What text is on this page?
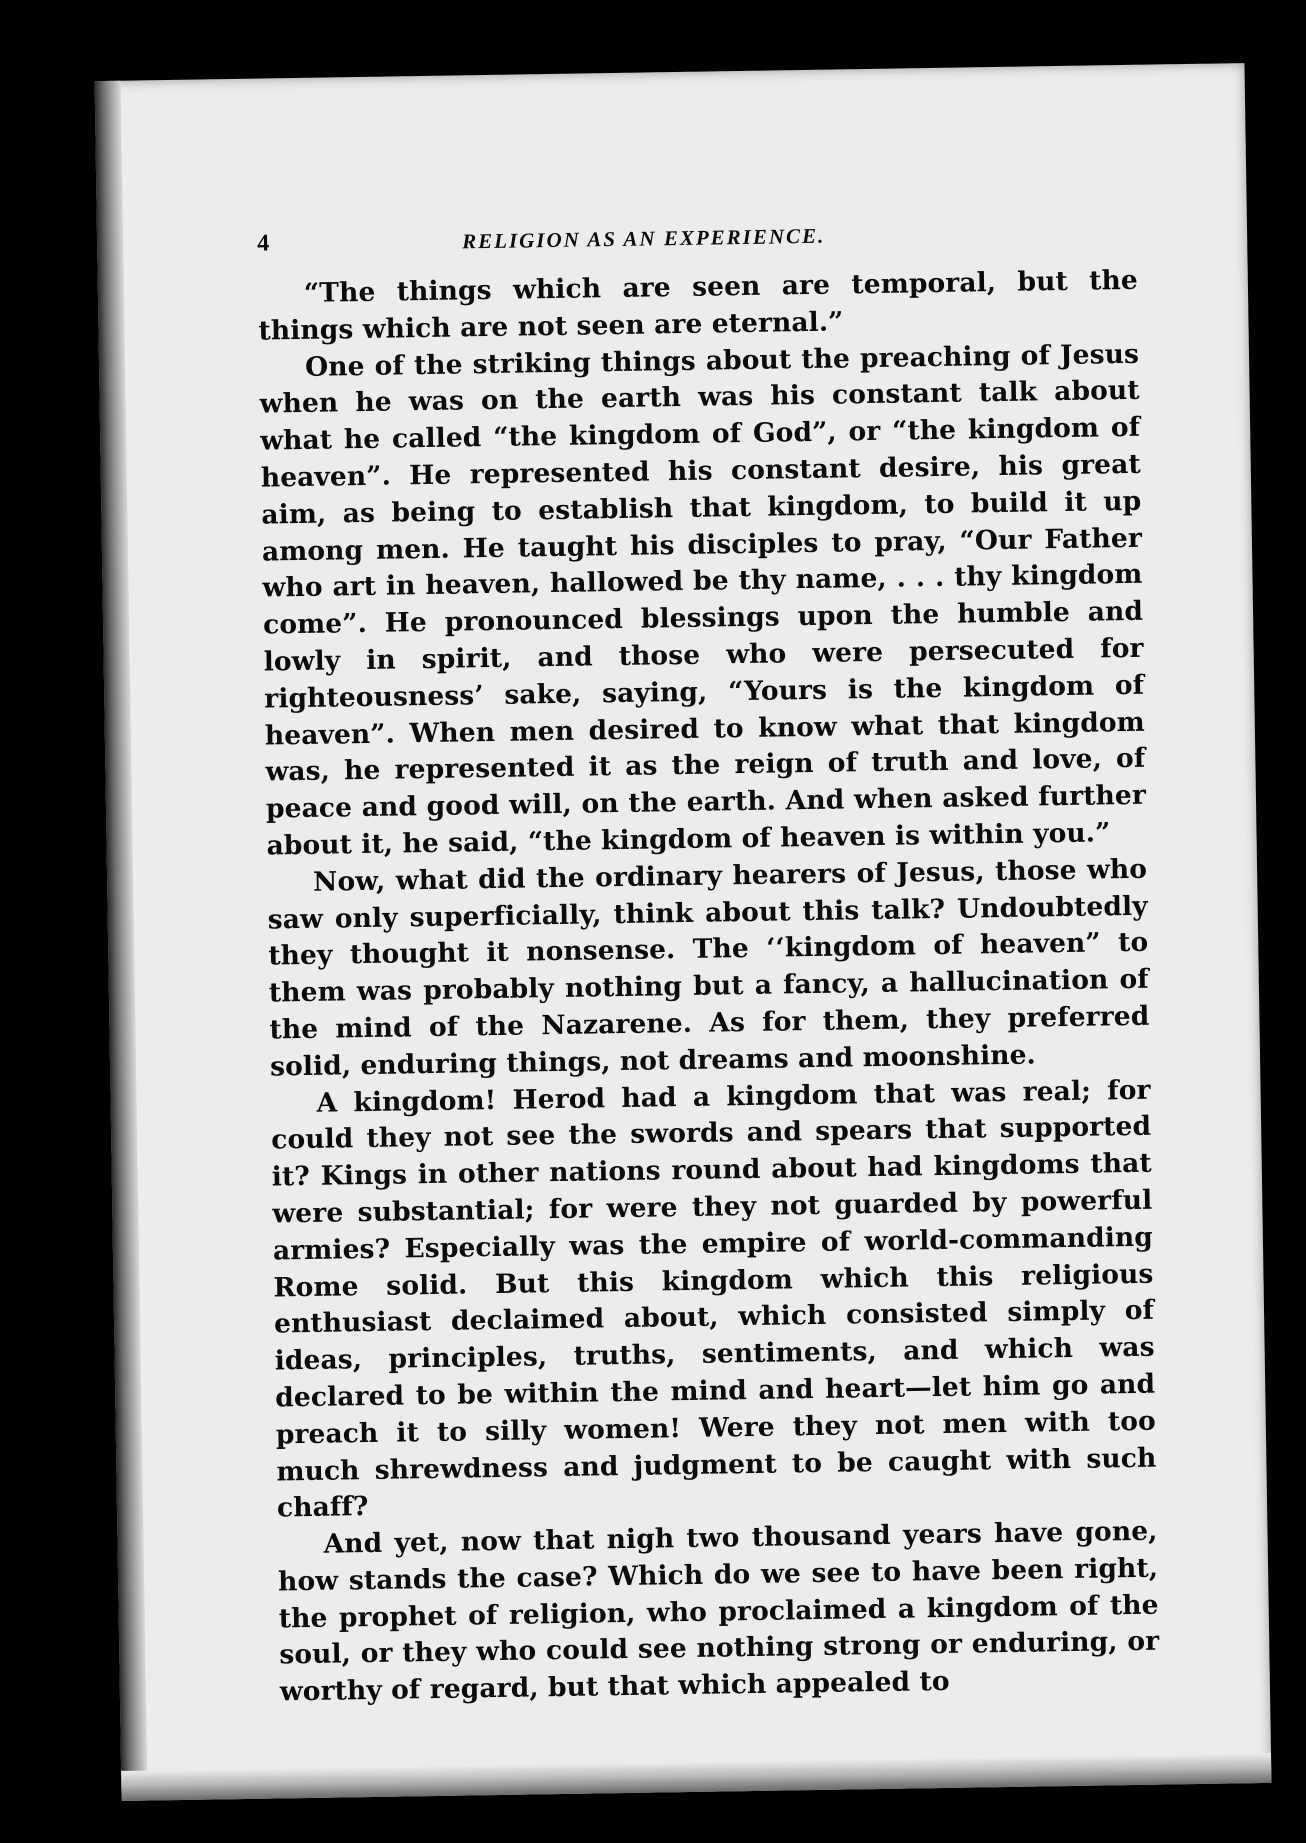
4	RELIGION AS AN EXPERIENCE.

“The things which are seen are temporal, but the things which are not seen are eternal.”

One of the striking things about the preaching of Jesus when he was on the earth was his constant talk about what he called “the kingdom of God”, or “the kingdom of heaven”. He represented his constant desire, his great aim, as being to establish that kingdom, to build it up among men. He taught his disciples to pray, “Our Father who art in heaven, hallowed be thy name, . . . thy kingdom come”. He pronounced blessings upon the humble and lowly in spirit, and those who were persecuted for righteousness’ sake, saying, “Yours is the kingdom of heaven”. When men desired to know what that kingdom was, he represented it as the reign of truth and love, of peace and good will, on the earth. And when asked further about it, he said, “the kingdom of heaven is within you.”

Now, what did the ordinary hearers of Jesus, those who saw only superficially, think about this talk? Undoubtedly they thought it nonsense. The ‘‘kingdom of heaven” to them was probably nothing but a fancy, a hallucination of the mind of the Nazarene. As for them, they preferred solid, enduring things, not dreams and moonshine.

A kingdom! Herod had a kingdom that was real; for could they not see the swords and spears that supported it? Kings in other nations round about had kingdoms that were substantial; for were they not guarded by powerful armies? Especially was the empire of world-commanding Rome solid. But this kingdom which this religious enthusiast declaimed about, which consisted simply of ideas, principles, truths, sentiments, and which was declared to be within the mind and heart—let him go and preach it to silly women! Were they not men with too much shrewdness and judgment to be caught with such chaff?

And yet, now that nigh two thousand years have gone, how stands the case? Which do we see to have been right, the prophet of religion, who proclaimed a kingdom of the soul, or they who could see nothing strong or enduring, or worthy of regard, but that which appealed to
